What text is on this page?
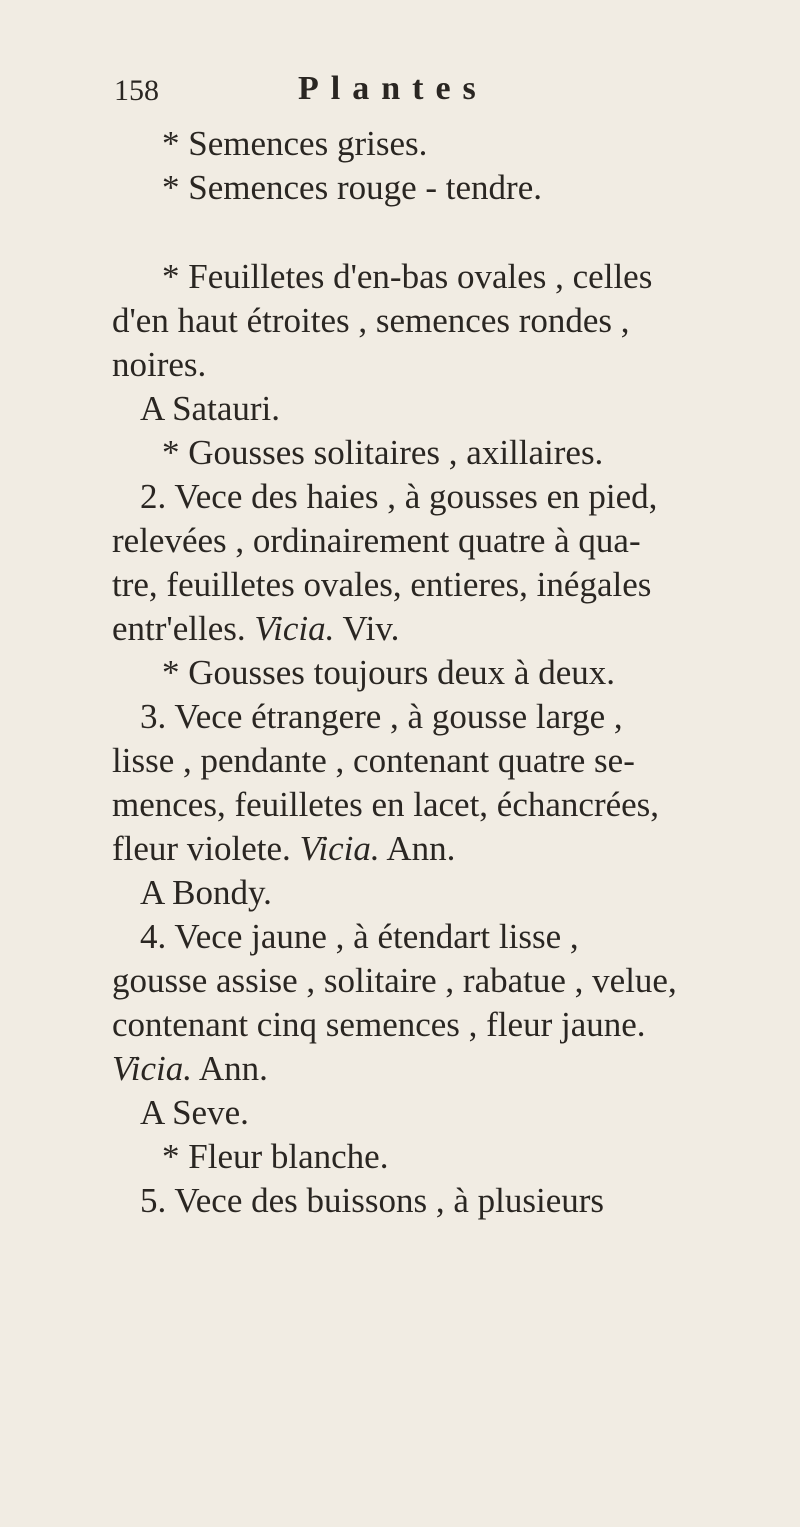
158	Plantes
* Semences grises.
* Semences rouge - tendre.
* Feuilletes d'en-bas ovales , celles
d'en haut étroites , semences rondes ,
noires.
A Satauri.
* Gousses solitaires , axillaires.
2. Vece des haies , à gousses en pied,
relevées , ordinairement quatre à qua-
tre, feuilletes ovales, entieres, inégales
entr'elles. Vicia. Viv.
* Gousses toujours deux à deux.
3. Vece étrangere , à gousse large ,
lisse , pendante , contenant quatre se-
mences, feuilletes en lacet, échancrées,
fleur violete. Vicia. Ann.
A Bondy.
4. Vece jaune , à étendart lisse ,
gousse assise , solitaire , rabatue , velue,
contenant cinq semences , fleur jaune.
Vicia. Ann.
A Seve.
* Fleur blanche.
5. Vece des buissons , à plusieurs
